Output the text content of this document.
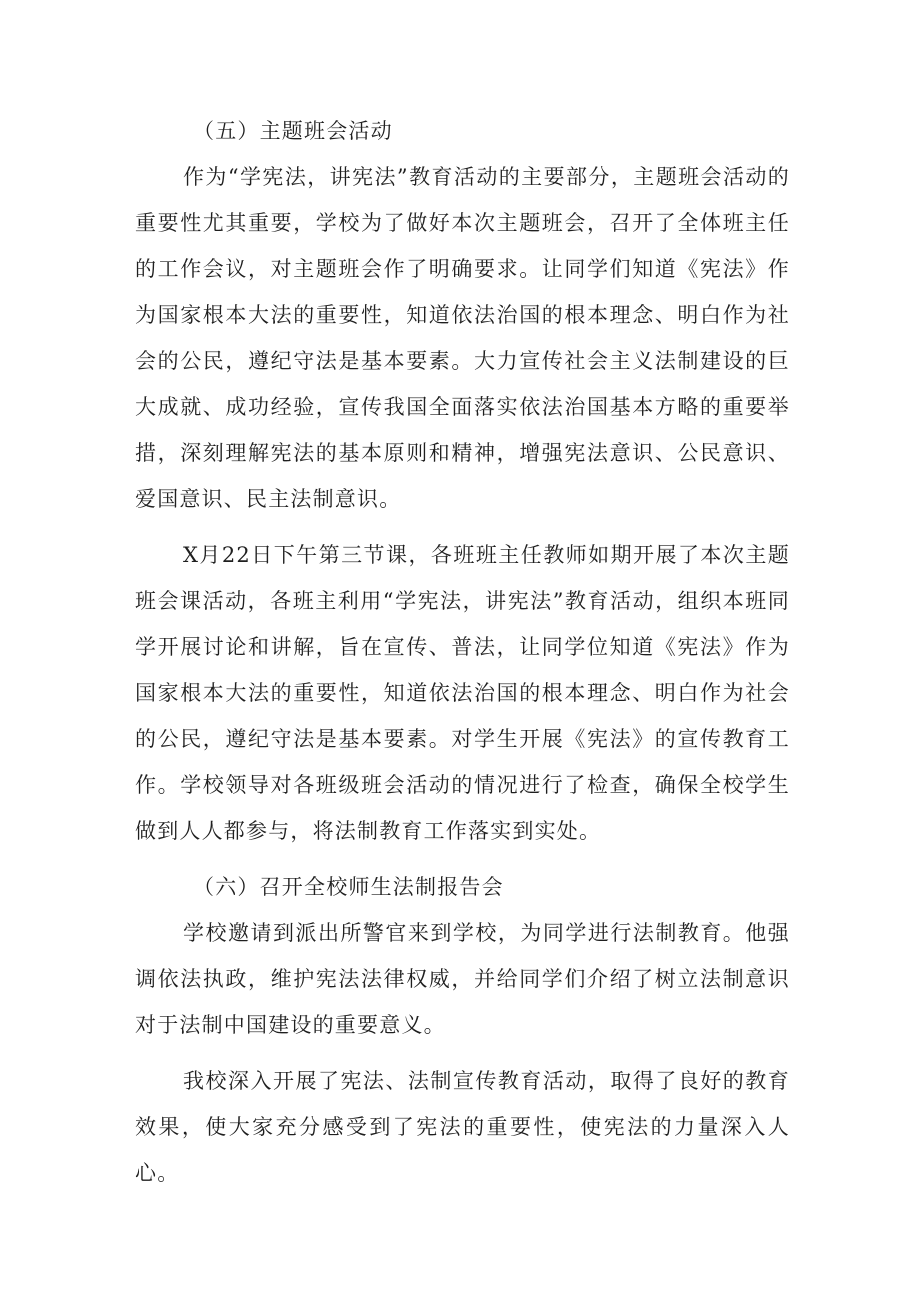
（五）主题班会活动

作为“学宪法，讲宪法”教育活动的主要部分，主题班会活动的重要性尤其重要，学校为了做好本次主题班会，召开了全体班主任的工作会议，对主题班会作了明确要求。让同学们知道《宪法》作为国家根本大法的重要性，知道依法治国的根本理念、明白作为社会的公民，遵纪守法是基本要素。大力宣传社会主义法制建设的巨大成就、成功经验，宣传我国全面落实依法治国基本方略的重要举措，深刻理解宪法的基本原则和精神，增强宪法意识、公民意识、爱国意识、民主法制意识。

X月22日下午第三节课，各班班主任教师如期开展了本次主题班会课活动，各班主利用“学宪法，讲宪法”教育活动，组织本班同学开展讨论和讲解，旨在宣传、普法，让同学位知道《宪法》作为国家根本大法的重要性，知道依法治国的根本理念、明白作为社会的公民，遵纪守法是基本要素。对学生开展《宪法》的宣传教育工作。学校领导对各班级班会活动的情况进行了检查，确保全校学生做到人人都参与，将法制教育工作落实到实处。

（六）召开全校师生法制报告会

学校邀请到派出所警官来到学校，为同学进行法制教育。他强调依法执政，维护宪法法律权威，并给同学们介绍了树立法制意识对于法制中国建设的重要意义。

我校深入开展了宪法、法制宣传教育活动，取得了良好的教育效果，使大家充分感受到了宪法的重要性，使宪法的力量深入人心。
